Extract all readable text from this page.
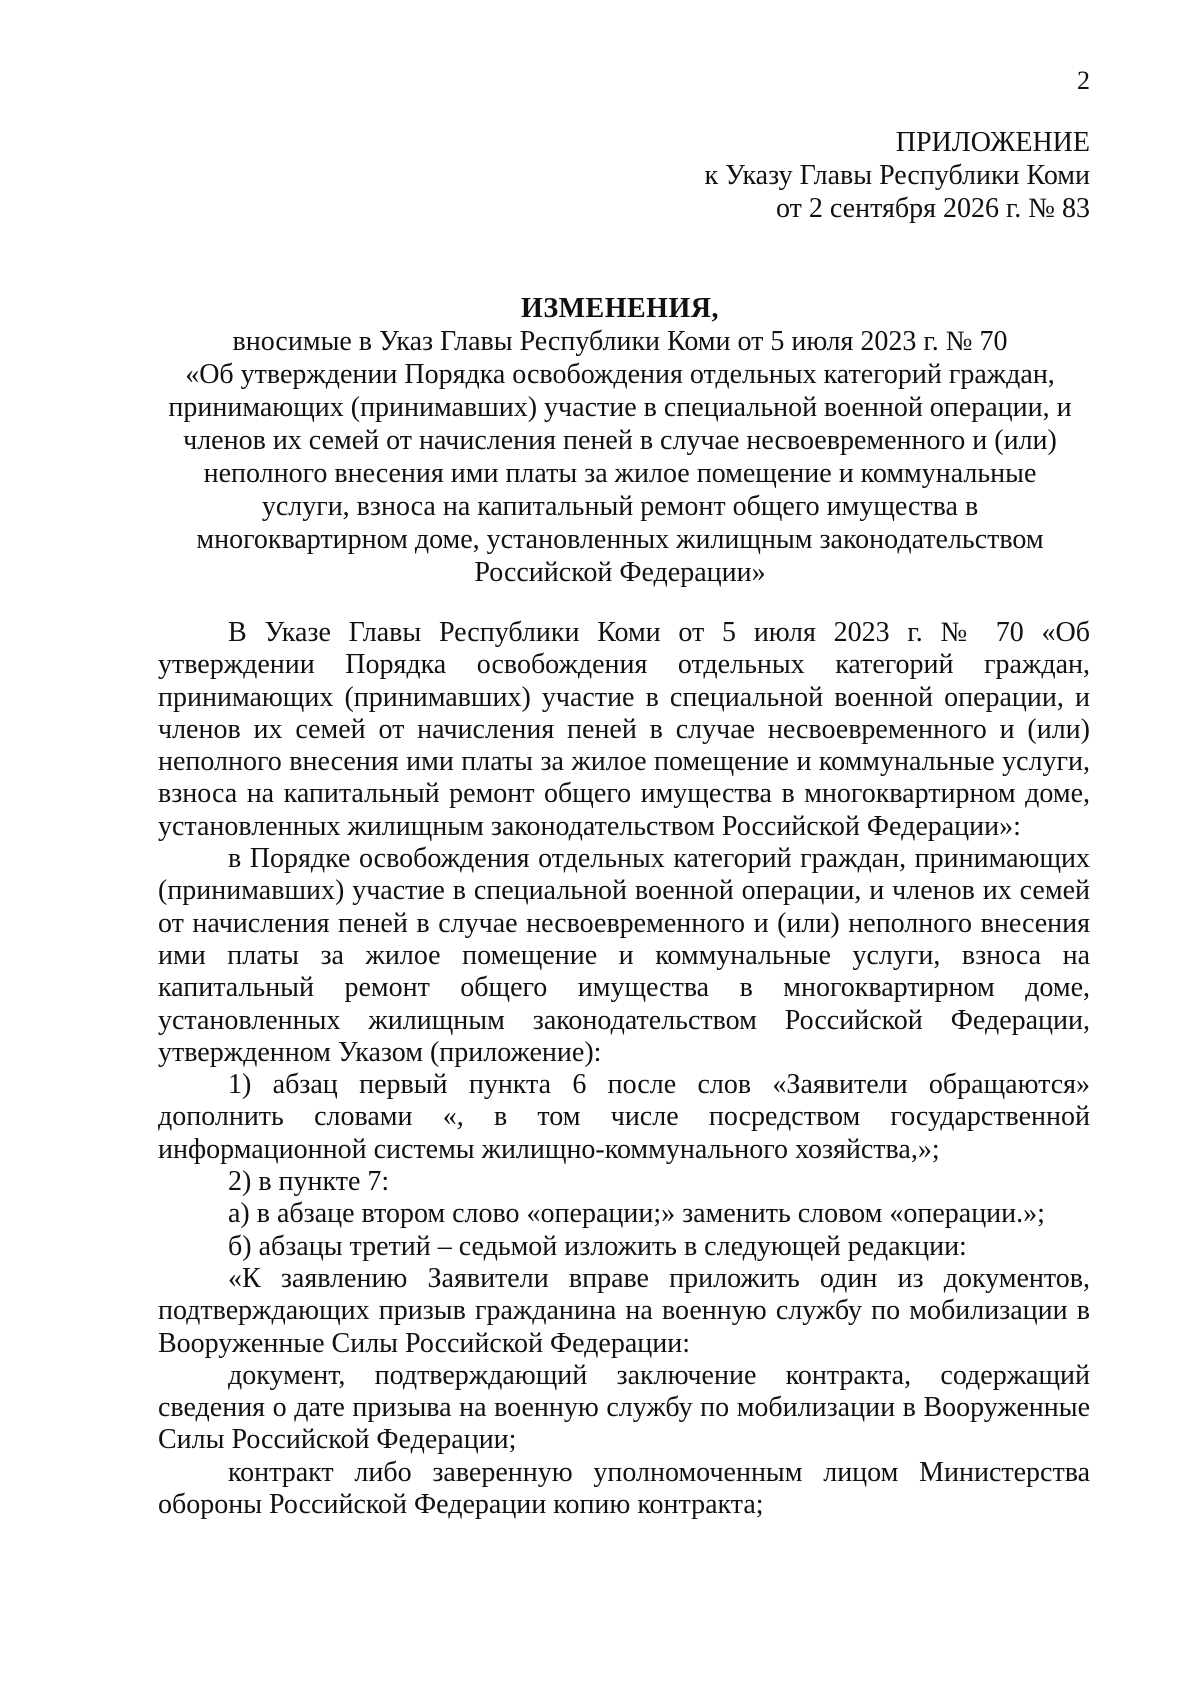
2
ПРИЛОЖЕНИЕ
к Указу Главы Республики Коми
от 2 сентября 2026 г. № 83
ИЗМЕНЕНИЯ,
вносимые в Указ Главы Республики Коми от 5 июля 2023 г. № 70
«Об утверждении Порядка освобождения отдельных категорий граждан,
принимающих (принимавших) участие в специальной военной операции, и
членов их семей от начисления пеней в случае несвоевременного и (или)
неполного внесения ими платы за жилое помещение и коммунальные
услуги, взноса на капитальный ремонт общего имущества в
многоквартирном доме, установленных жилищным законодательством
Российской Федерации»

В Указе Главы Республики Коми от 5 июля 2023 г. № 70 «Об утверждении Порядка освобождения отдельных категорий граждан, принимающих (принимавших) участие в специальной военной операции, и членов их семей от начисления пеней в случае несвоевременного и (или) неполного внесения ими платы за жилое помещение и коммунальные услуги, взноса на капитальный ремонт общего имущества в многоквартирном доме, установленных жилищным законодательством Российской Федерации»:

в Порядке освобождения отдельных категорий граждан, принимающих (принимавших) участие в специальной военной операции, и членов их семей от начисления пеней в случае несвоевременного и (или) неполного внесения ими платы за жилое помещение и коммунальные услуги, взноса на капитальный ремонт общего имущества в многоквартирном доме, установленных жилищным законодательством Российской Федерации, утвержденном Указом (приложение):

1) абзац первый пункта 6 после слов «Заявители обращаются» дополнить словами «, в том числе посредством государственной информационной системы жилищно-коммунального хозяйства,»;

2) в пункте 7:

а) в абзаце втором слово «операции;» заменить словом «операции.»;

б) абзацы третий – седьмой изложить в следующей редакции:

«К заявлению Заявители вправе приложить один из документов, подтверждающих призыв гражданина на военную службу по мобилизации в Вооруженные Силы Российской Федерации:

документ, подтверждающий заключение контракта, содержащий сведения о дате призыва на военную службу по мобилизации в Вооруженные Силы Российской Федерации;

контракт либо заверенную уполномоченным лицом Министерства обороны Российской Федерации копию контракта;
